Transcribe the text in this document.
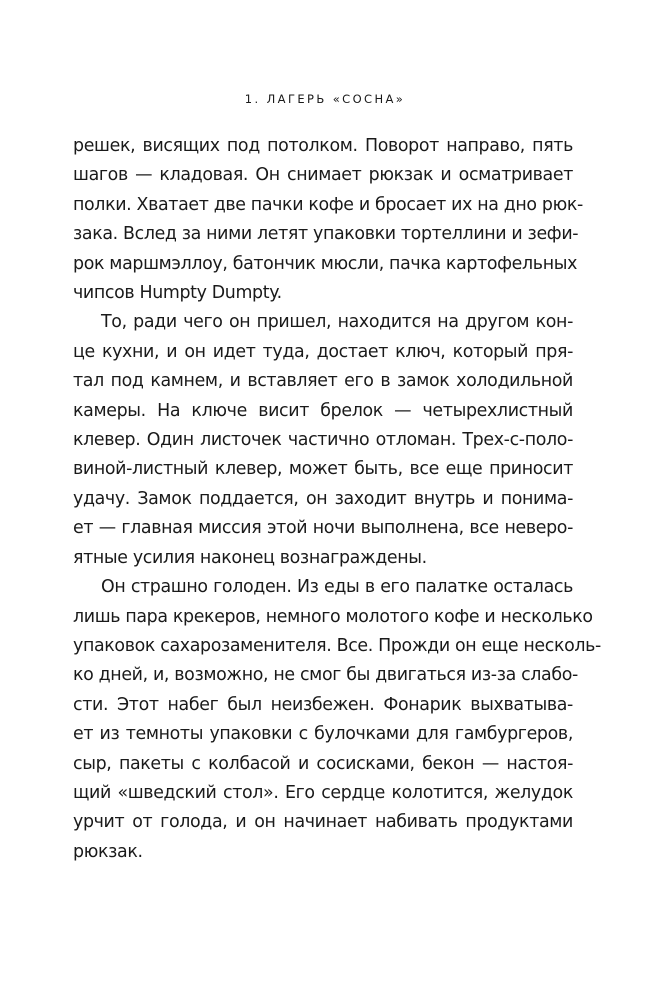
1. ЛАГЕРЬ «СОСНА»
решек, висящих под потолком. Поворот направо, пять
шагов — кладовая. Он снимает рюкзак и осматривает
полки. Хватает две пачки кофе и бросает их на дно рюк-
зака. Вслед за ними летят упаковки тортеллини и зефи-
рок маршмэллоу, батончик мюсли, пачка картофельных
чипсов Humpty Dumpty.
То, ради чего он пришел, находится на другом кон-
це кухни, и он идет туда, достает ключ, который пря-
тал под камнем, и вставляет его в замок холодильной
камеры. На ключе висит брелок — четырехлистный
клевер. Один листочек частично отломан. Трех-с-поло-
виной-листный клевер, может быть, все еще приносит
удачу. Замок поддается, он заходит внутрь и понима-
ет — главная миссия этой ночи выполнена, все неверо-
ятные усилия наконец вознаграждены.
Он страшно голоден. Из еды в его палатке осталась
лишь пара крекеров, немного молотого кофе и несколько
упаковок сахарозаменителя. Все. Прожди он еще несколь-
ко дней, и, возможно, не смог бы двигаться из-за слабо-
сти. Этот набег был неизбежен. Фонарик выхватыва-
ет из темноты упаковки с булочками для гамбургеров,
сыр, пакеты с колбасой и сосисками, бекон — настоя-
щий «шведский стол». Его сердце колотится, желудок
урчит от голода, и он начинает набивать продуктами
рюкзак.
